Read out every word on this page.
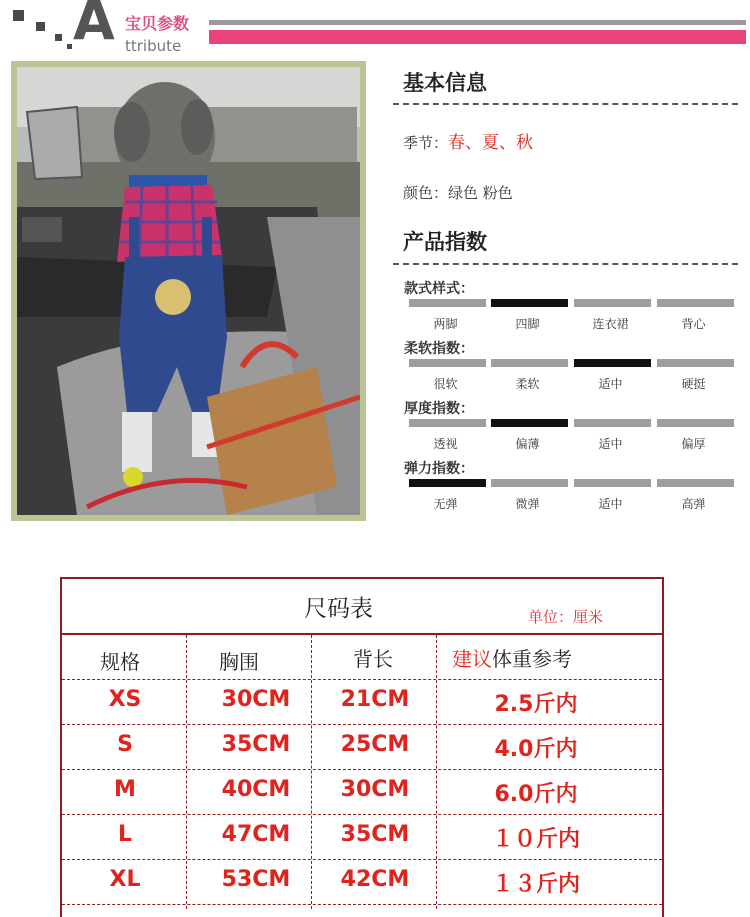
A 宝贝参数
ttribute
基本信息
季节：春、夏、秋
颜色：绿色 粉色
产品指数
款式样式：
两脚	四脚	连衣裙	背心
柔软指数：
很软	柔软	适中	硬挺
厚度指数：
透视	偏薄	适中	偏厚
弹力指数：
无弹	微弹	适中	高弹
尺码表	单位：厘米
规格	胸围	背长	建议体重参考
XS	30CM	21CM	2.5斤内
S	35CM	25CM	4.0斤内
M	40CM	30CM	6.0斤内
L	47CM	35CM	１０斤内
XL	53CM	42CM	１３斤内
